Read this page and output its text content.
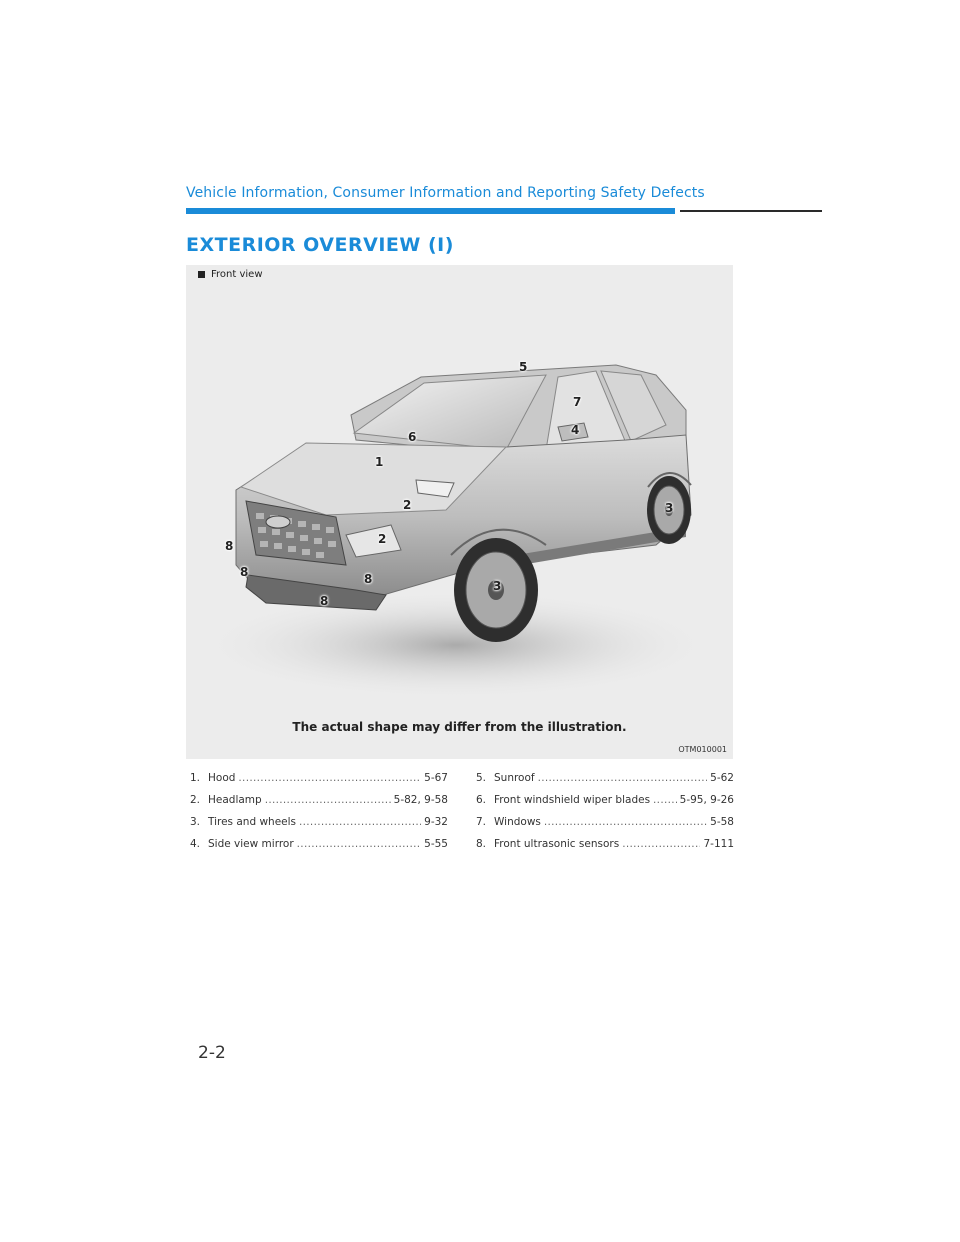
Vehicle Information, Consumer Information and Reporting Safety Defects
EXTERIOR OVERVIEW (I)
Front view
5
7
4
6
1
2
2
3
3
8
8	8
8
The actual shape may differ from the illustration.
OTM010001
1. Hood .....	5-67
2. Headlamp .....	5-82, 9-58
3. Tires and wheels .....	9-32
4. Side view mirror .....	5-55
5. Sunroof .....	5-62
6. Front windshield wiper blades .....	5-95, 9-26
7. Windows .....	5-58
8. Front ultrasonic sensors .....	7-111
2-2
